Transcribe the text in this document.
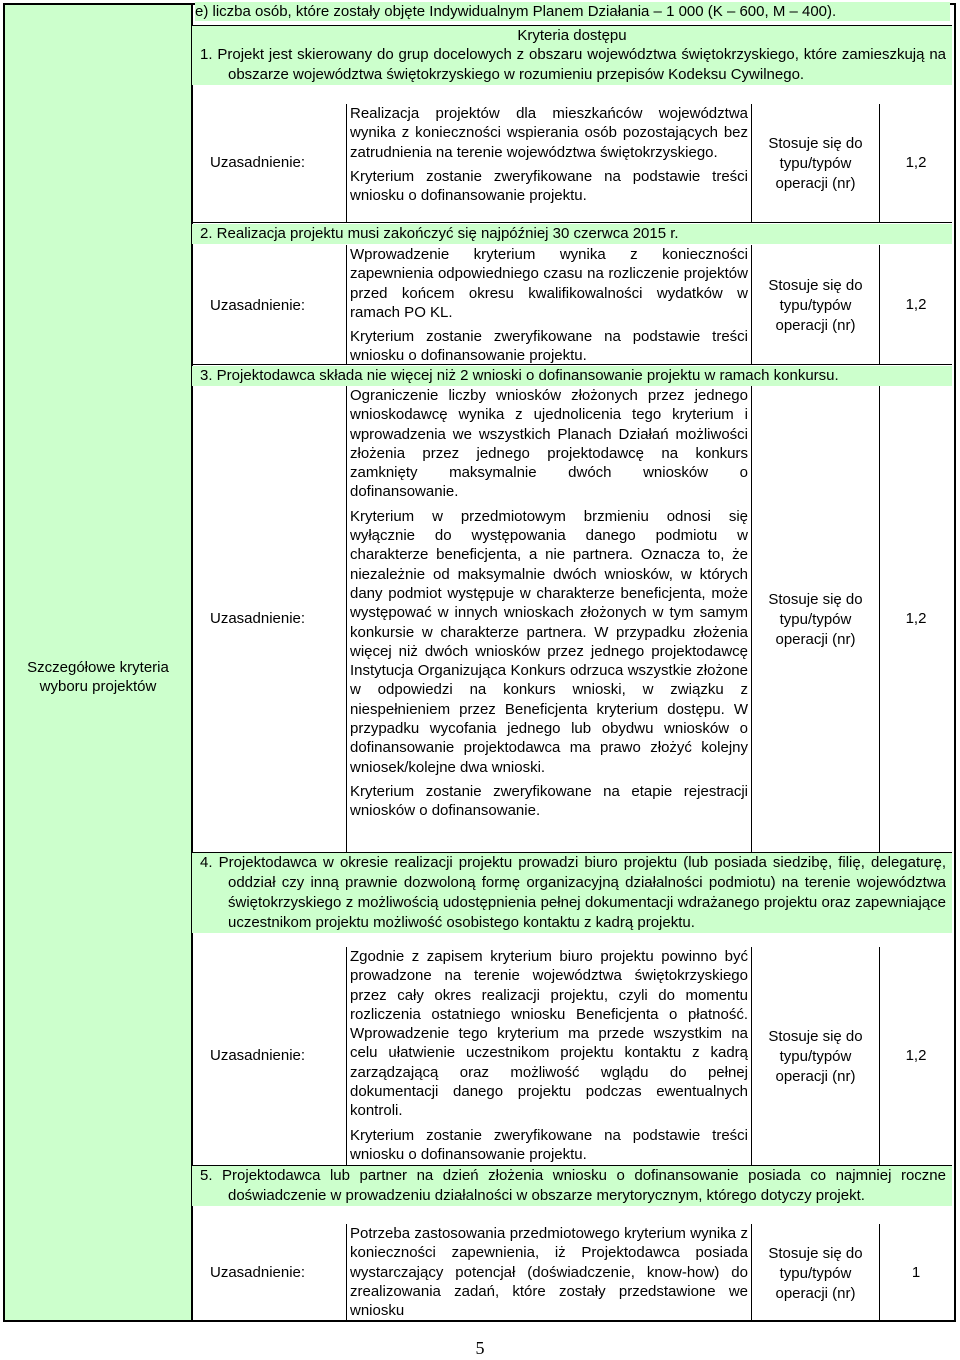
Szczegółowe kryteria wyboru projektów
e) liczba osób, które zostały objęte Indywidualnym Planem Działania – 1 000 (K – 600, M – 400).
Kryteria dostępu
1. Projekt jest skierowany do grup docelowych z obszaru województwa świętokrzyskiego, które zamieszkują na obszarze województwa świętokrzyskiego w rozumieniu przepisów Kodeksu Cywilnego.
Uzasadnienie:

Realizacja projektów dla mieszkańców województwa wynika z konieczności wspierania osób pozostających bez zatrudnienia na terenie województwa świętokrzyskiego.

Kryterium zostanie zweryfikowane na podstawie treści wniosku o dofinansowanie projektu.

Stosuje się do
typu/typów
operacji (nr)
1,2
2. Realizacja projektu musi zakończyć się najpóźniej 30 czerwca 2015 r.
Uzasadnienie:

Wprowadzenie kryterium wynika z konieczności zapewnienia odpowiedniego czasu na rozliczenie projektów przed końcem okresu kwalifikowalności wydatków w ramach PO KL.

Kryterium zostanie zweryfikowane na podstawie treści wniosku o dofinansowanie projektu.

Stosuje się do
typu/typów
operacji (nr)
1,2
3. Projektodawca składa nie więcej niż 2 wnioski o dofinansowanie projektu w ramach konkursu.
Uzasadnienie:

Ograniczenie liczby wniosków złożonych przez jednego wnioskodawcę wynika z ujednolicenia tego kryterium i wprowadzenia we wszystkich Planach Działań możliwości złożenia przez jednego projektodawcę na konkurs zamknięty maksymalnie dwóch wniosków o dofinansowanie.

Kryterium w przedmiotowym brzmieniu odnosi się wyłącznie do występowania danego podmiotu w charakterze beneficjenta, a nie partnera. Oznacza to, że niezależnie od maksymalnie dwóch wniosków, w których dany podmiot występuje w charakterze beneficjenta, może występować w innych wnioskach złożonych w tym samym konkursie w charakterze partnera. W przypadku złożenia więcej niż dwóch wniosków przez jednego projektodawcę Instytucja Organizująca Konkurs odrzuca wszystkie złożone w odpowiedzi na konkurs wnioski, w związku z niespełnieniem przez Beneficjenta kryterium dostępu. W przypadku wycofania jednego lub obydwu wniosków o dofinansowanie projektodawca ma prawo złożyć kolejny wniosek/kolejne dwa wnioski.

Kryterium zostanie zweryfikowane na etapie rejestracji wniosków o dofinansowanie.

Stosuje się do
typu/typów
operacji (nr)
1,2
4. Projektodawca w okresie realizacji projektu prowadzi biuro projektu (lub posiada siedzibę, filię, delegaturę, oddział czy inną prawnie dozwoloną formę organizacyjną działalności podmiotu) na terenie województwa świętokrzyskiego z możliwością udostępnienia pełnej dokumentacji wdrażanego projektu oraz zapewniające uczestnikom projektu możliwość osobistego kontaktu z kadrą projektu.
Uzasadnienie:

Zgodnie z zapisem kryterium biuro projektu powinno być prowadzone na terenie województwa świętokrzyskiego przez cały okres realizacji projektu, czyli do momentu rozliczenia ostatniego wniosku Beneficjenta o płatność. Wprowadzenie tego kryterium ma przede wszystkim na celu ułatwienie uczestnikom projektu kontaktu z kadrą zarządzającą oraz możliwość wglądu do pełnej dokumentacji danego projektu podczas ewentualnych kontroli.

Kryterium zostanie zweryfikowane na podstawie treści wniosku o dofinansowanie projektu.

Stosuje się do
typu/typów
operacji (nr)
1,2
5. Projektodawca lub partner na dzień złożenia wniosku o dofinansowanie posiada co najmniej roczne doświadczenie w prowadzeniu działalności w obszarze merytorycznym, którego dotyczy projekt.
Uzasadnienie:

Potrzeba zastosowania przedmiotowego kryterium wynika z konieczności zapewnienia, iż Projektodawca posiada wystarczający potencjał (doświadczenie, know-how) do zrealizowania zadań, które zostały przedstawione we wniosku

Stosuje się do
typu/typów
operacji (nr)
1
5
